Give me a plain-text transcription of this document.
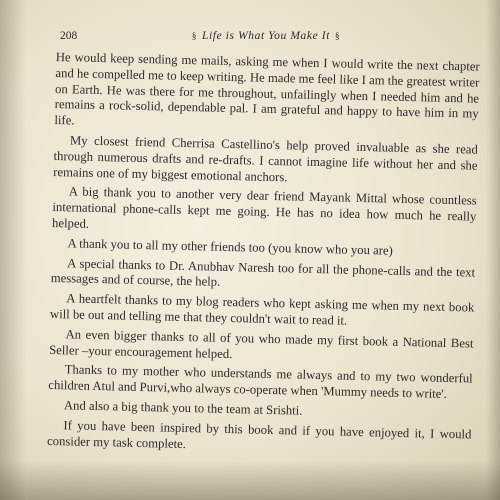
208	§ Life is What You Make It §

He would keep sending me mails, asking me when I would write the next chapter and he compelled me to keep writing. He made me feel like I am the greatest writer on Earth. He was there for me throughout, unfailingly when I needed him and he remains a rock-solid, dependable pal. I am grateful and happy to have him in my life.

My closest friend Cherrisa Castellino's help proved invaluable as she read through numerous drafts and re-drafts. I cannot imagine life without her and she remains one of my biggest emotional anchors.

A big thank you to another very dear friend Mayank Mittal whose countless international phone-calls kept me going. He has no idea how much he really helped.

A thank you to all my other friends too (you know who you are)

A special thanks to Dr. Anubhav Naresh too for all the phone-calls and the text messages and of course, the help.

A heartfelt thanks to my blog readers who kept asking me when my next book will be out and telling me that they couldn't wait to read it.

An even bigger thanks to all of you who made my first book a National Best Seller –your encouragement helped.

Thanks to my mother who understands me always and to my two wonderful children Atul and Purvi,who always co-operate when 'Mummy needs to write'.

And also a big thank you to the team at Srishti.

If you have been inspired by this book and if you have enjoyed it, I would consider my task complete.
